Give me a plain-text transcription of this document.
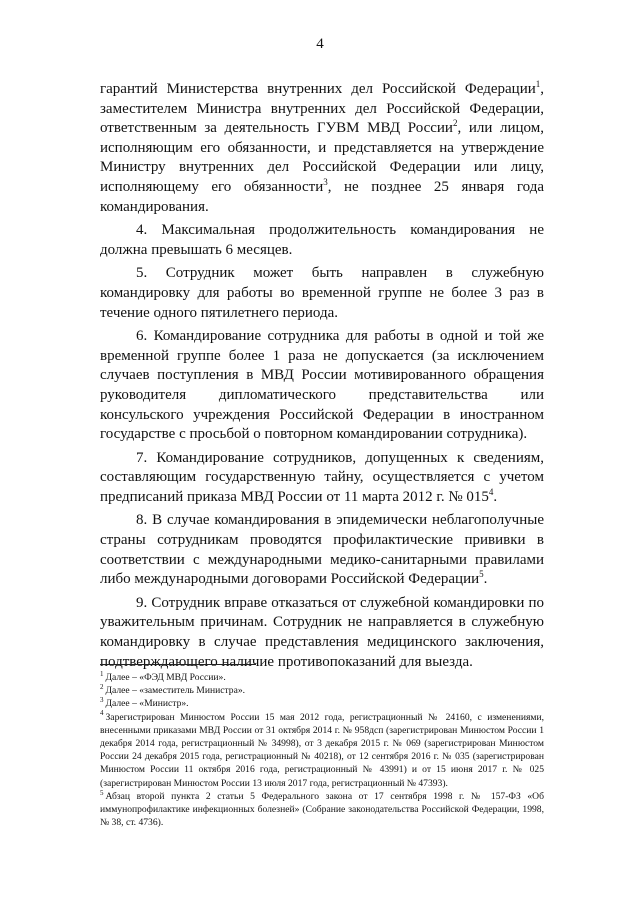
4

гарантий Министерства внутренних дел Российской Федерации$^1$, заместителем Министра внутренних дел Российской Федерации, ответственным за деятельность ГУВМ МВД России$^2$, или лицом, исполняющим его обязанности, и представляется на утверждение Министру внутренних дел Российской Федерации или лицу, исполняющему его обязанности$^3$, не позднее 25 января года командирования.

4. Максимальная продолжительность командирования не должна превышать 6 месяцев.

5. Сотрудник может быть направлен в служебную командировку для работы во временной группе не более 3 раз в течение одного пятилетнего периода.

6. Командирование сотрудника для работы в одной и той же временной группе более 1 раза не допускается (за исключением случаев поступления в МВД России мотивированного обращения руководителя дипломатического представительства или консульского учреждения Российской Федерации в иностранном государстве с просьбой о повторном командировании сотрудника).

7. Командирование сотрудников, допущенных к сведениям, составляющим государственную тайну, осуществляется с учетом предписаний приказа МВД России от 11 марта 2012 г. № $015^4$.

8. В случае командирования в эпидемически неблагополучные страны сотрудникам проводятся профилактические прививки в соответствии с международными медико-санитарными правилами либо международными договорами Российской Федерации$^5$.

9. Сотрудник вправе отказаться от служебной командировки по уважительным причинам. Сотрудник не направляется в служебную командировку в случае представления медицинского заключения, подтверждающего наличие противопоказаний для выезда.

$^1$ Далее – «ФЭД МВД России».

$^2$ Далее – «заместитель Министра».

$^3$ Далее – «Министр».

$^4$ Зарегистрирован Минюстом России 15 мая 2012 года, регистрационный № 24160, с изменениями, внесенными приказами МВД России от 31 октября 2014 г. № 958дсп (зарегистрирован Минюстом России 1 декабря 2014 года, регистрационный № 34998), от 3 декабря 2015 г. № 069 (зарегистрирован Минюстом России 24 декабря 2015 года, регистрационный № 40218), от 12 сентября 2016 г. № 035 (зарегистрирован Минюстом России 11 октября 2016 года, регистрационный № 43991) и от 15 июня 2017 г. № 025 (зарегистрирован Минюстом России 13 июля 2017 года, регистрационный № 47393).

$^5$ Абзац второй пункта 2 статьи 5 Федерального закона от 17 сентября 1998 г. № 157-ФЗ «Об иммунопрофилактике инфекционных болезней» (Собрание законодательства Российской Федерации, 1998, № 38, ст. 4736).
